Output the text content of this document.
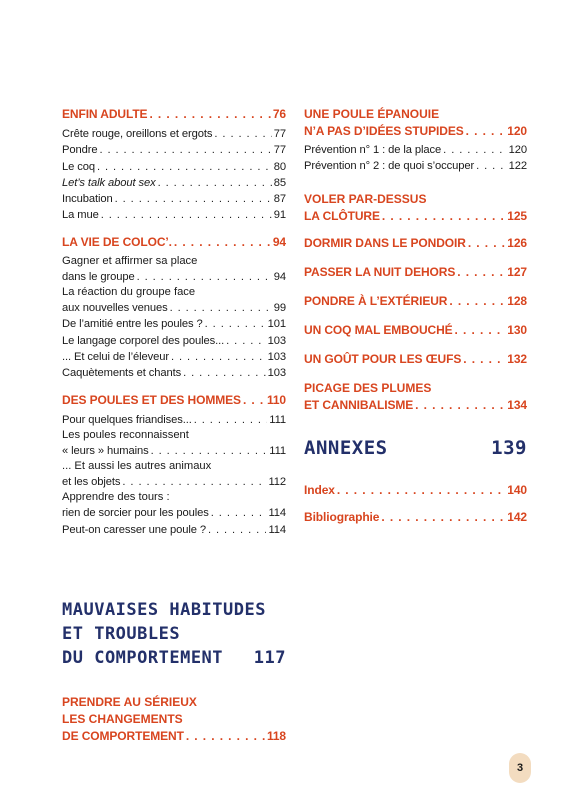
ENFIN ADULTE . . .	76
Crête rouge, oreillons et ergots . . .	77
Pondre . . .	77
Le coq . . .	80
Let’s talk about sex . . .	85
Incubation . . .	87
La mue . . .	91
LA VIE DE COLOC’. . . .	94
Gagner et affirmer sa place
dans le groupe . . .	94
La réaction du groupe face
aux nouvelles venues . . .	99
De l’amitié entre les poules ? . . .	101
Le langage corporel des poules... . . .	103
... Et celui de l’éleveur . . .	103
Caquètements et chants . . .	103
DES POULES ET DES HOMMES . . . 110
Pour quelques friandises... . . .	111
Les poules reconnaissent
« leurs » humains . . .	111
... Et aussi les autres animaux
et les objets . . .	112
Apprendre des tours :
rien de sorcier pour les poules . . .	114
Peut-on caresser une poule ? . . .	114
MAUVAISES HABITUDES
ET TROUBLES
DU COMPORTEMENT 117
PRENDRE AU SÉRIEUX
LES CHANGEMENTS
DE COMPORTEMENT . . .	118
UNE POULE ÉPANOUIE
N’A PAS D’IDÉES STUPIDES . . .	120
Prévention n° 1 : de la place . . .	120
Prévention n° 2 : de quoi s’occuper . . .	122
VOLER PAR-DESSUS
LA CLÔTURE . . .	125
DORMIR DANS LE PONDOIR . . .	126
PASSER LA NUIT DEHORS . . .	127
PONDRE À L’EXTÉRIEUR . . .	128
UN COQ MAL EMBOUCHÉ . . .	130
UN GOÛT POUR LES ŒUFS . . .	132
PICAGE DES PLUMES
ET CANNIBALISME . . .	134
ANNEXES	139
Index . . .	140
Bibliographie . . .	142
3
